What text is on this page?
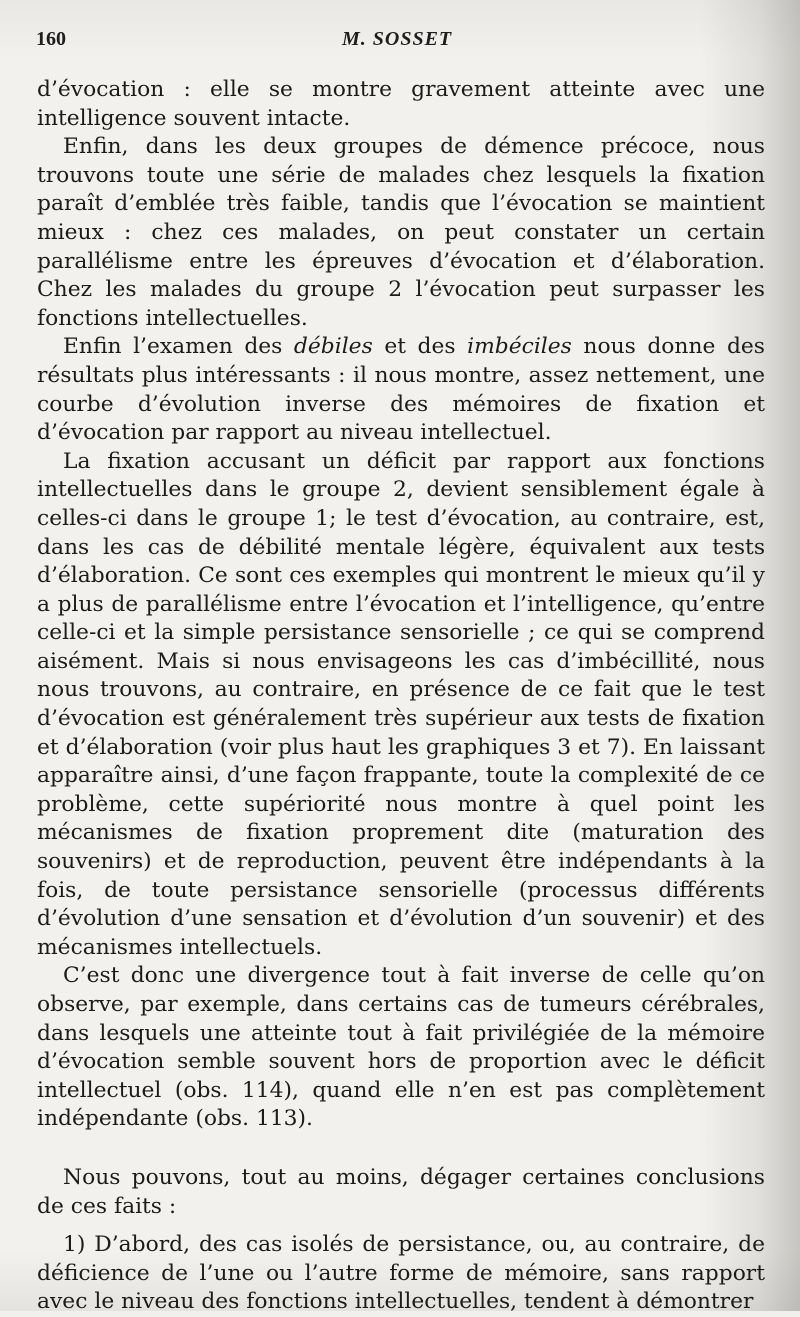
160	M. SOSSET

d’évocation : elle se montre gravement atteinte avec une intelligence souvent intacte.

Enfin, dans les deux groupes de démence précoce, nous trouvons toute une série de malades chez lesquels la fixation paraît d’emblée très faible, tandis que l’évocation se maintient mieux : chez ces malades, on peut constater un certain parallélisme entre les épreuves d’évocation et d’élaboration. Chez les malades du groupe 2 l’évocation peut surpasser les fonctions intellectuelles.

Enfin l’examen des débiles et des imbéciles nous donne des résultats plus intéressants : il nous montre, assez nettement, une courbe d’évolution inverse des mémoires de fixation et d’évocation par rapport au niveau intellectuel.

La fixation accusant un déficit par rapport aux fonctions intellectuelles dans le groupe 2, devient sensiblement égale à celles-ci dans le groupe 1; le test d’évocation, au contraire, est, dans les cas de débilité mentale légère, équivalent aux tests d’élaboration. Ce sont ces exemples qui montrent le mieux qu’il y a plus de parallélisme entre l’évocation et l’intelligence, qu’entre celle-ci et la simple persistance sensorielle ; ce qui se comprend aisément. Mais si nous envisageons les cas d’imbécillité, nous nous trouvons, au contraire, en présence de ce fait que le test d’évocation est généralement très supérieur aux tests de fixation et d’élaboration (voir plus haut les graphiques 3 et 7). En laissant apparaître ainsi, d’une façon frappante, toute la complexité de ce problème, cette supériorité nous montre à quel point les mécanismes de fixation proprement dite (maturation des souvenirs) et de reproduction, peuvent être indépendants à la fois, de toute persistance sensorielle (processus différents d’évolution d’une sensation et d’évolution d’un souvenir) et des mécanismes intellectuels.

C’est donc une divergence tout à fait inverse de celle qu’on observe, par exemple, dans certains cas de tumeurs cérébrales, dans lesquels une atteinte tout à fait privilégiée de la mémoire d’évocation semble souvent hors de proportion avec le déficit intellectuel (obs. 114), quand elle n’en est pas complètement indépendante (obs. 113).

Nous pouvons, tout au moins, dégager certaines conclusions de ces faits :

1) D’abord, des cas isolés de persistance, ou, au contraire, de déficience de l’une ou l’autre forme de mémoire, sans rapport avec le niveau des fonctions intellectuelles, tendent à démontrer
